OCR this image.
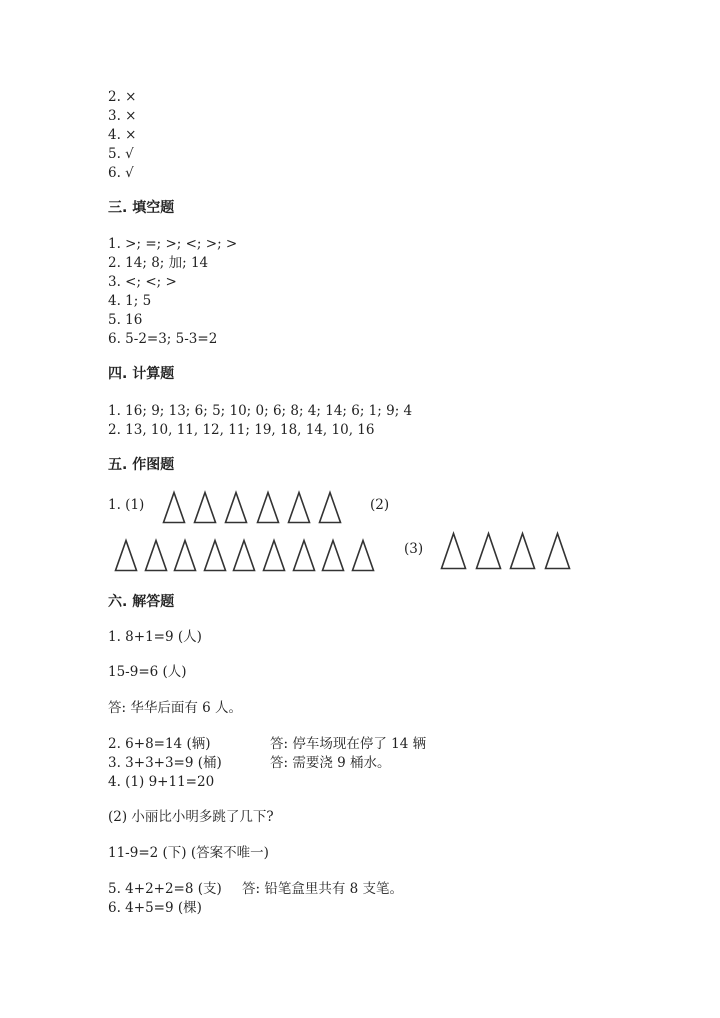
2. ×
3. ×
4. ×
5. √
6. √
三. 填空题
1. >; =; >; <; >; >
2. 14; 8; 加; 14
3. <; <; >
4. 1; 5
5. 16
6. 5-2=3; 5-3=2
四. 计算题
1. 16; 9; 13; 6; 5; 10; 0; 6; 8; 4; 14; 6; 1; 9; 4
2. 13, 10, 11, 12, 11; 19, 18, 14, 10, 16
五. 作图题
1. (1)	(2)
(3)
六. 解答题
1. 8+1=9 (人)
15-9=6 (人)
答: 华华后面有 6 人。
2. 6+8=14 (辆)	答: 停车场现在停了 14 辆
3. 3+3+3=9 (桶)	答: 需要浇 9 桶水。
4. (1) 9+11=20
(2) 小丽比小明多跳了几下?
11-9=2 (下) (答案不唯一)
5. 4+2+2=8 (支) 答: 铅笔盒里共有 8 支笔。
6. 4+5=9 (棵)
